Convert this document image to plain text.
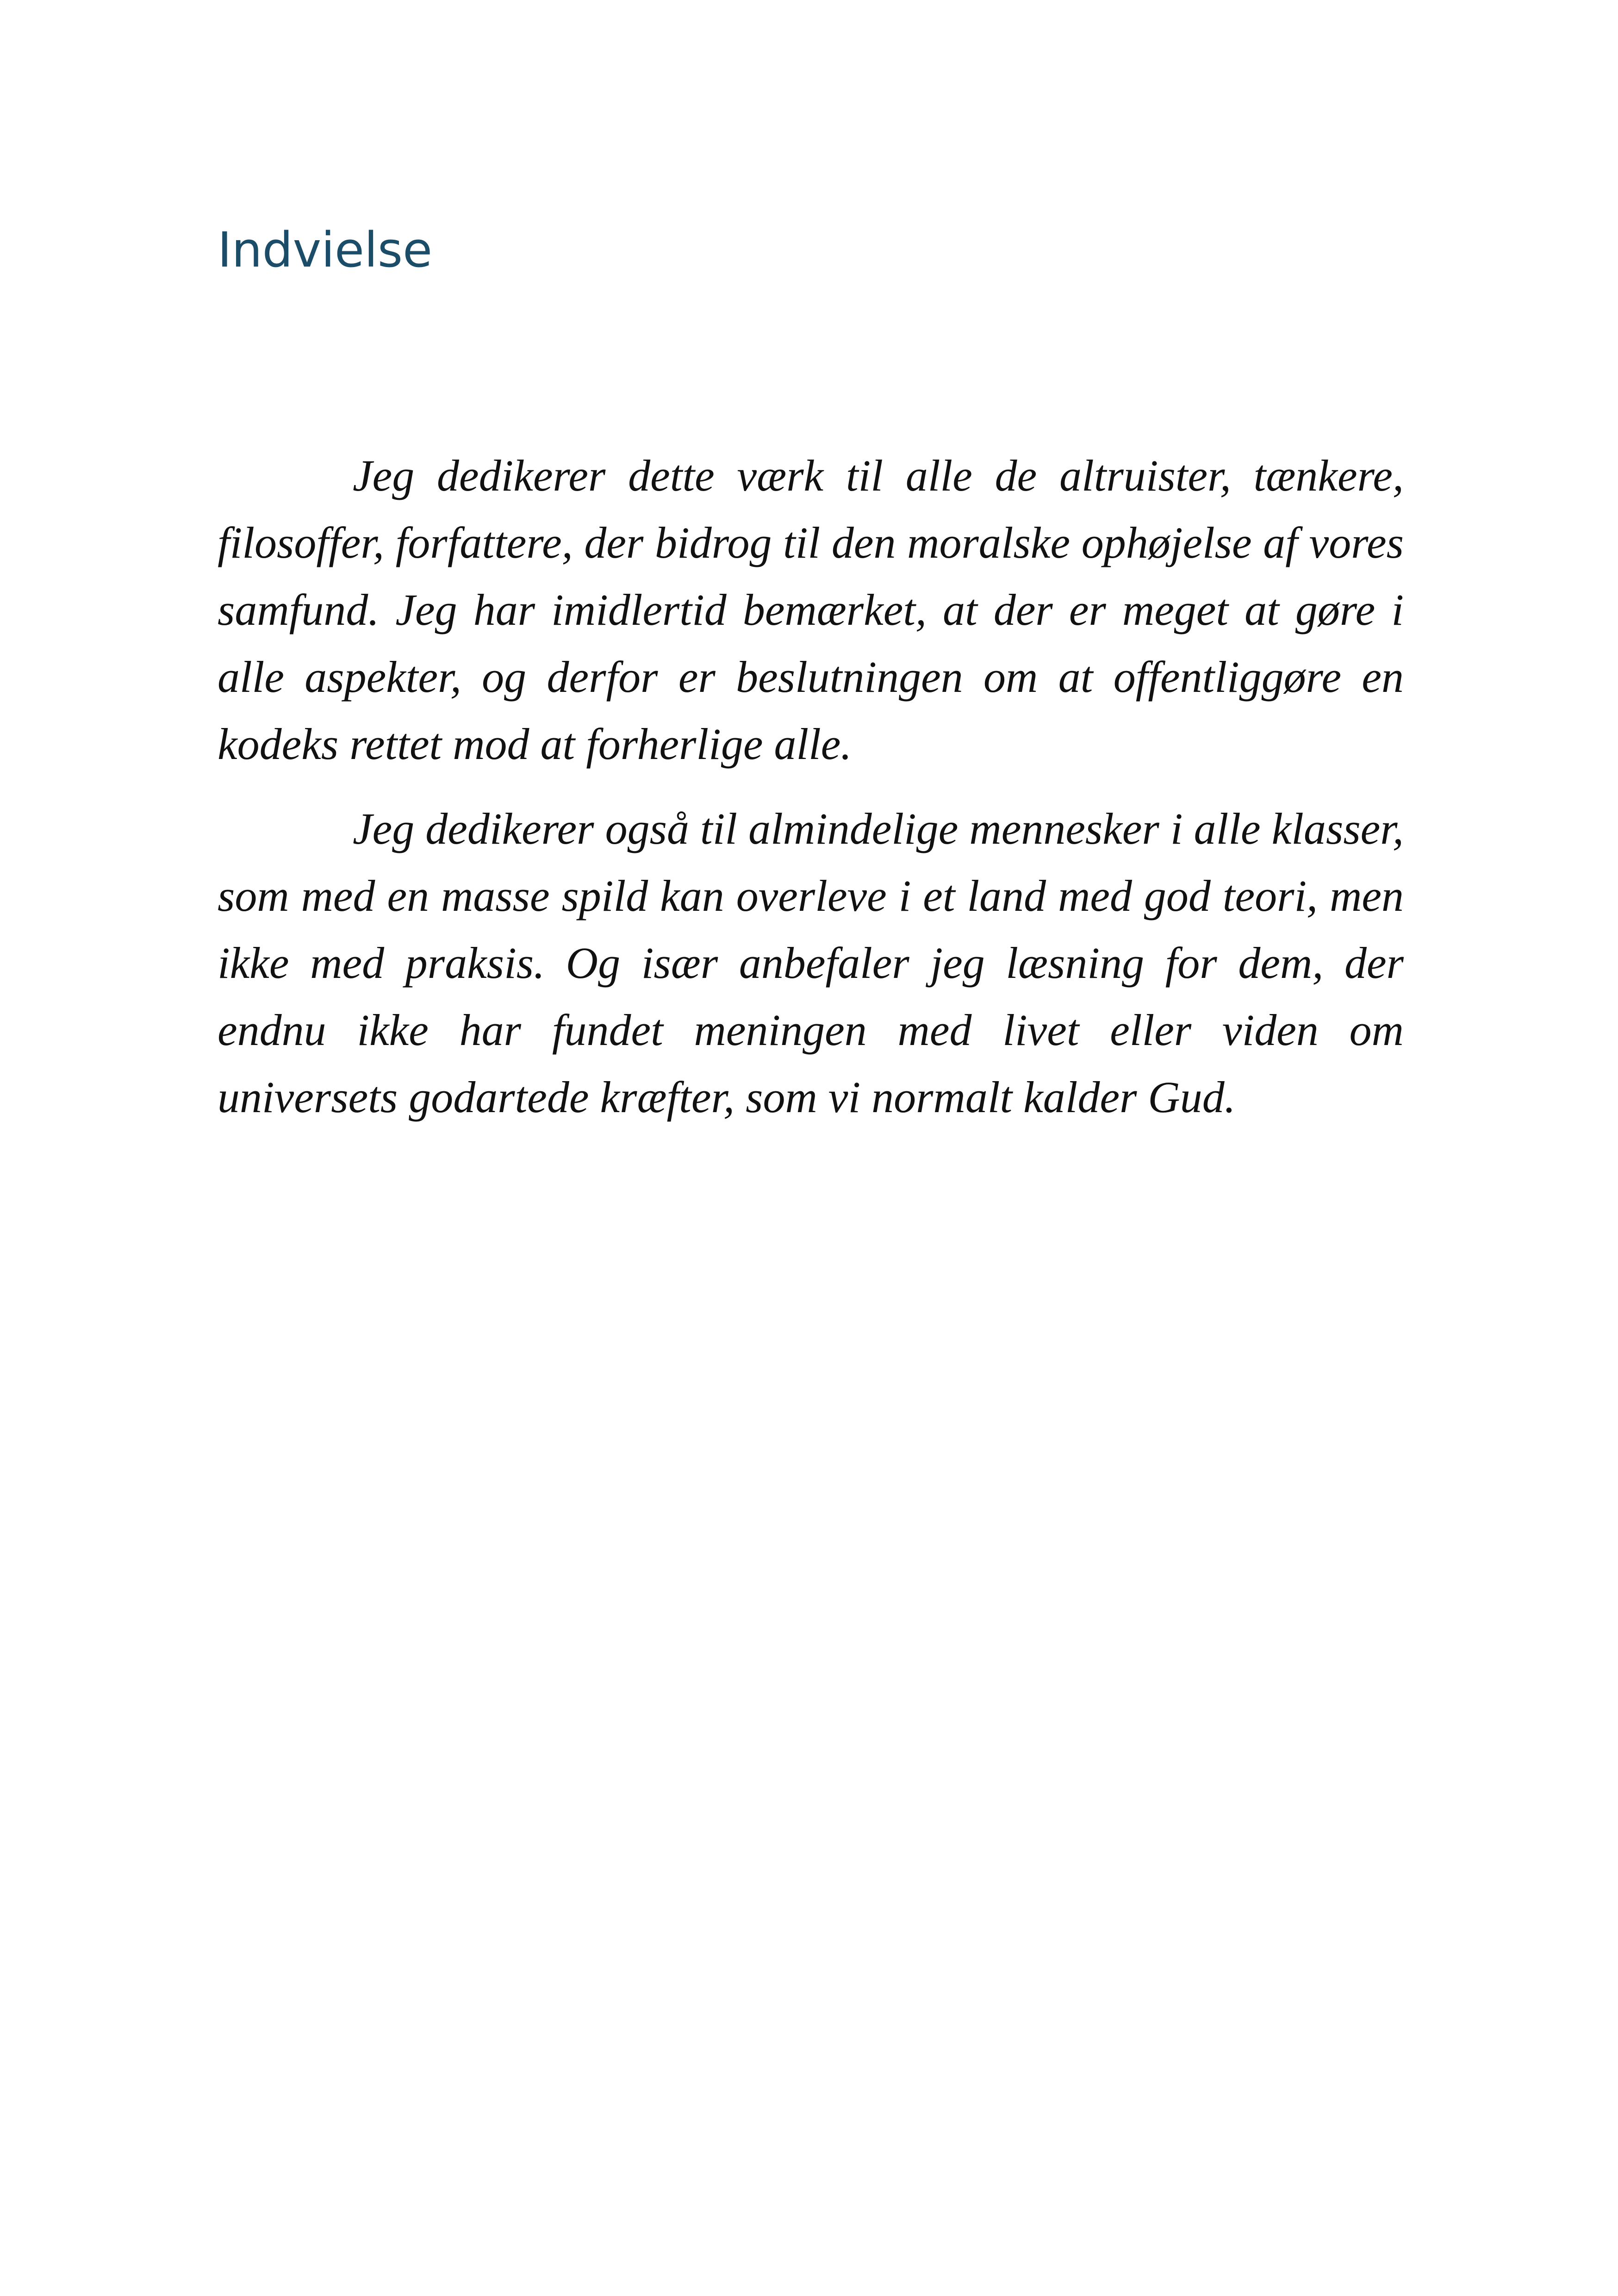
Indvielse

Jeg dedikerer dette værk til alle de altruister, tænkere, filosoffer, forfattere, der bidrog til den moralske ophøjelse af vores samfund. Jeg har imidlertid bemærket, at der er meget at gøre i alle aspekter, og derfor er beslutningen om at offentliggøre en kodeks rettet mod at forherlige alle.

Jeg dedikerer også til almindelige mennesker i alle klasser, som med en masse spild kan overleve i et land med god teori, men ikke med praksis. Og især anbefaler jeg læsning for dem, der endnu ikke har fundet meningen med livet eller viden om universets godartede kræfter, som vi normalt kalder Gud.
